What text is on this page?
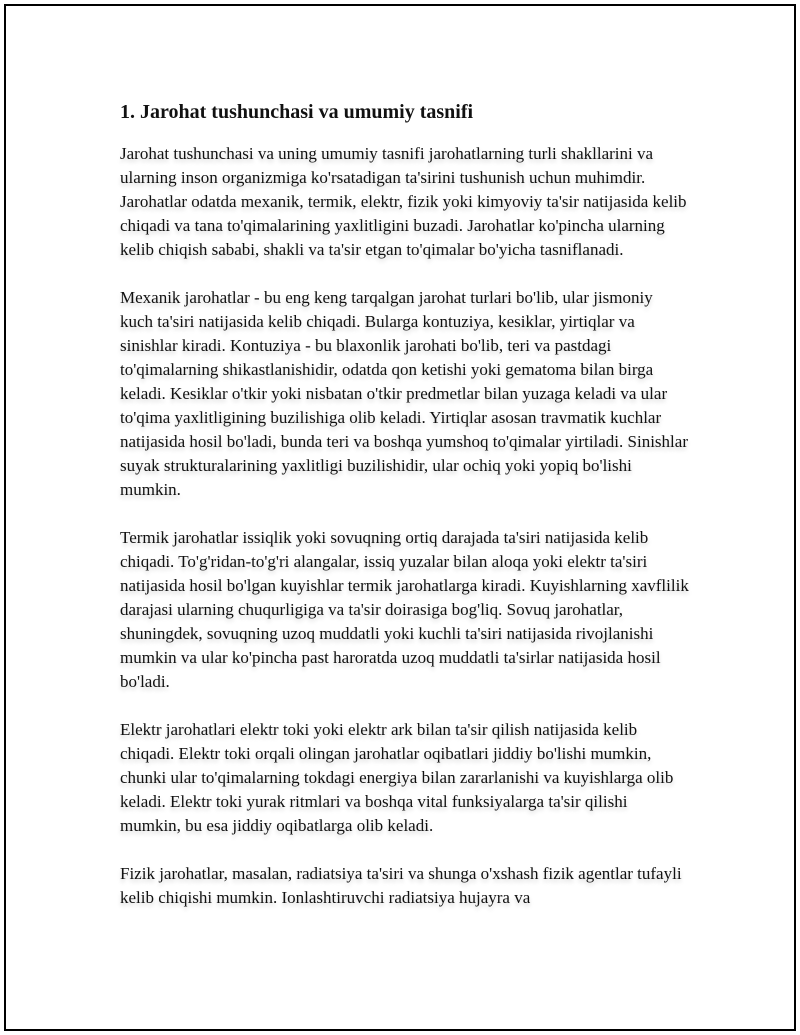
1. Jarohat tushunchasi va umumiy tasnifi

Jarohat tushunchasi va uning umumiy tasnifi jarohatlarning turli shakllarini va ularning inson organizmiga ko'rsatadigan ta'sirini tushunish uchun muhimdir. Jarohatlar odatda mexanik, termik, elektr, fizik yoki kimyoviy ta'sir natijasida kelib chiqadi va tana to'qimalarining yaxlitligini buzadi. Jarohatlar ko'pincha ularning kelib chiqish sababi, shakli va ta'sir etgan to'qimalar bo'yicha tasniflanadi.

Mexanik jarohatlar - bu eng keng tarqalgan jarohat turlari bo'lib, ular jismoniy kuch ta'siri natijasida kelib chiqadi. Bularga kontuziya, kesiklar, yirtiqlar va sinishlar kiradi. Kontuziya - bu blaxonlik jarohati bo'lib, teri va pastdagi to'qimalarning shikastlanishidir, odatda qon ketishi yoki gematoma bilan birga keladi. Kesiklar o'tkir yoki nisbatan o'tkir predmetlar bilan yuzaga keladi va ular to'qima yaxlitligining buzilishiga olib keladi. Yirtiqlar asosan travmatik kuchlar natijasida hosil bo'ladi, bunda teri va boshqa yumshoq to'qimalar yirtiladi. Sinishlar suyak strukturalarining yaxlitligi buzilishidir, ular ochiq yoki yopiq bo'lishi mumkin.

Termik jarohatlar issiqlik yoki sovuqning ortiq darajada ta'siri natijasida kelib chiqadi. To'g'ridan-to'g'ri alangalar, issiq yuzalar bilan aloqa yoki elektr ta'siri natijasida hosil bo'lgan kuyishlar termik jarohatlarga kiradi. Kuyishlarning xavflilik darajasi ularning chuqurligiga va ta'sir doirasiga bog'liq. Sovuq jarohatlar, shuningdek, sovuqning uzoq muddatli yoki kuchli ta'siri natijasida rivojlanishi mumkin va ular ko'pincha past haroratda uzoq muddatli ta'sirlar natijasida hosil bo'ladi.

Elektr jarohatlari elektr toki yoki elektr ark bilan ta'sir qilish natijasida kelib chiqadi. Elektr toki orqali olingan jarohatlar oqibatlari jiddiy bo'lishi mumkin, chunki ular to'qimalarning tokdagi energiya bilan zararlanishi va kuyishlarga olib keladi. Elektr toki yurak ritmlari va boshqa vital funksiyalarga ta'sir qilishi mumkin, bu esa jiddiy oqibatlarga olib keladi.

Fizik jarohatlar, masalan, radiatsiya ta'siri va shunga o'xshash fizik agentlar tufayli kelib chiqishi mumkin. Ionlashtiruvchi radiatsiya hujayra va
